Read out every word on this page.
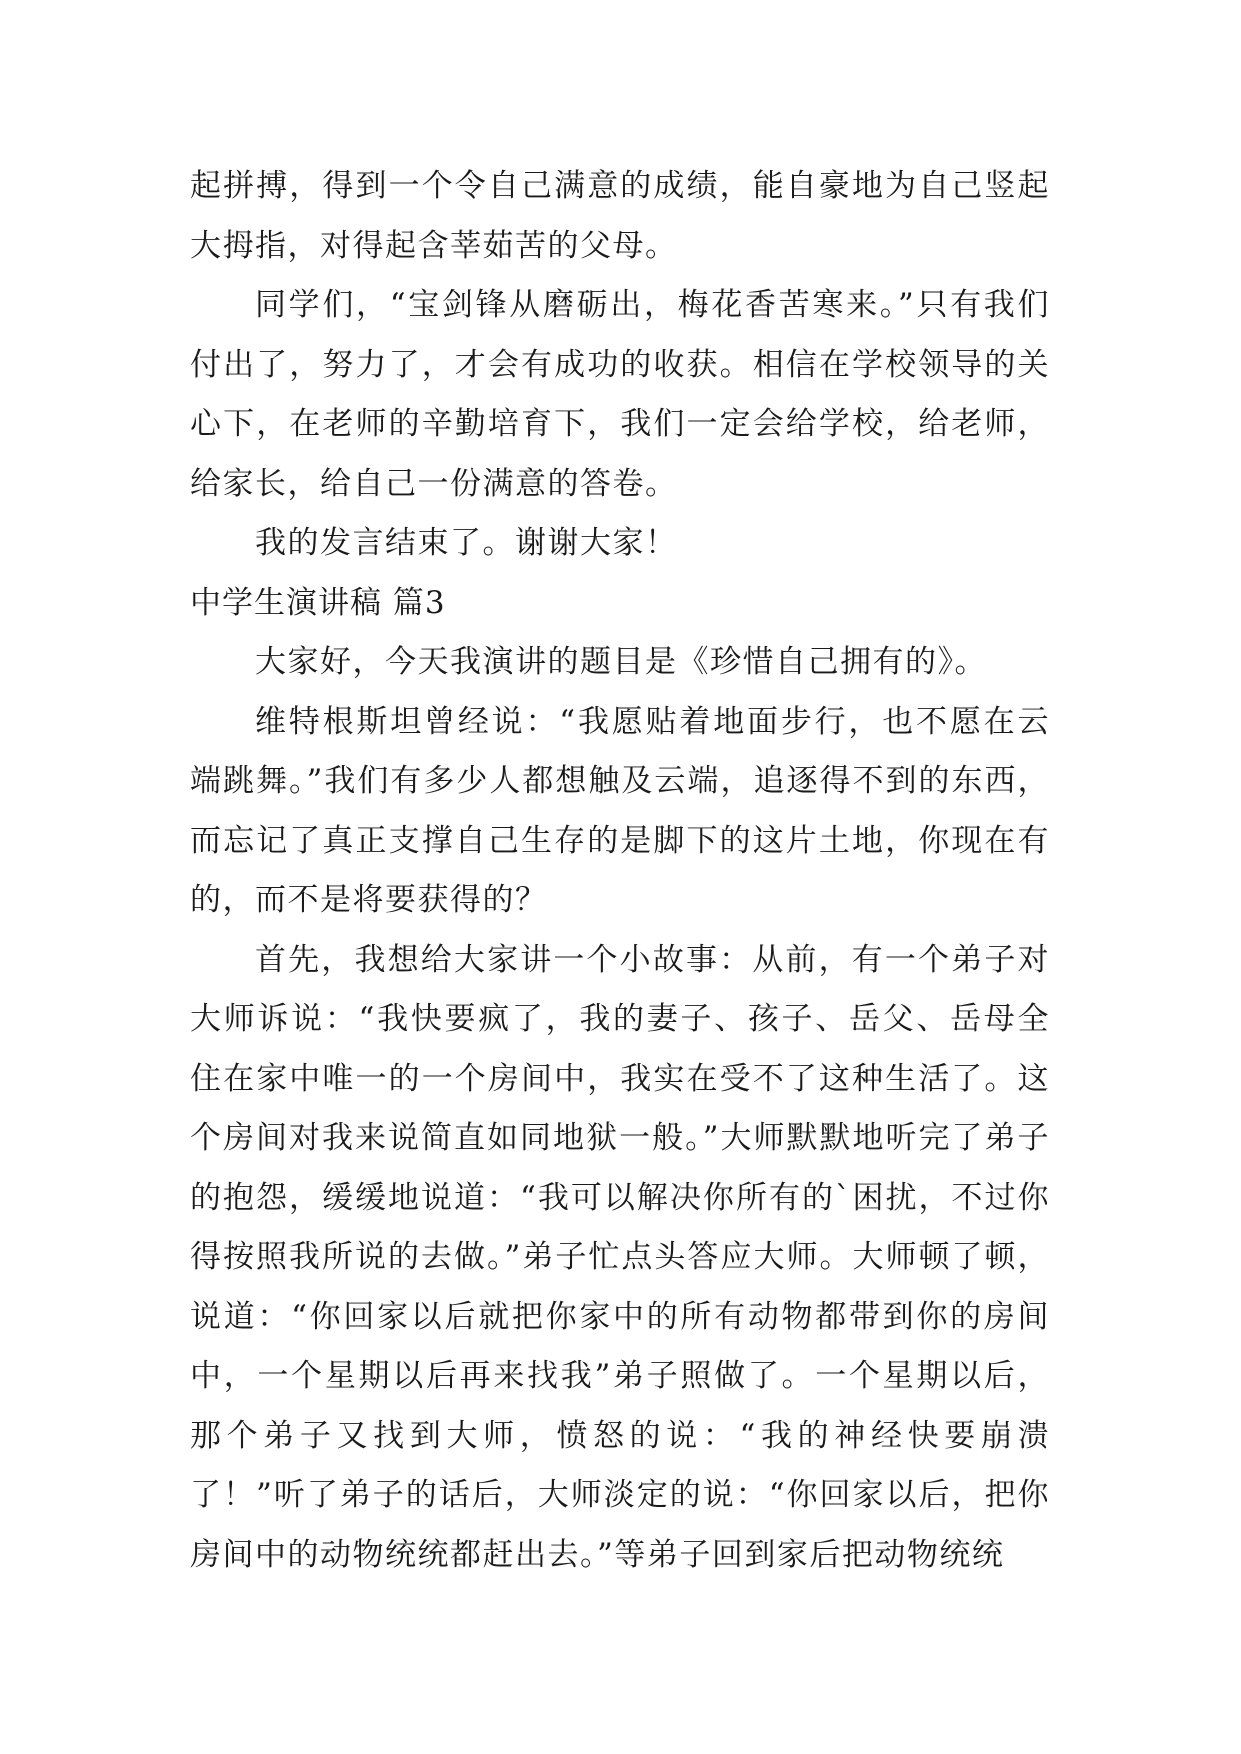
起拼搏，得到一个令自己满意的成绩，能自豪地为自己竖起大拇指，对得起含莘茹苦的父母。

同学们，“宝剑锋从磨砺出，梅花香苦寒来。”只有我们付出了，努力了，才会有成功的收获。相信在学校领导的关心下，在老师的辛勤培育下，我们一定会给学校，给老师，给家长，给自己一份满意的答卷。

我的发言结束了。谢谢大家！

中学生演讲稿 篇3

大家好，今天我演讲的题目是《珍惜自己拥有的》。

维特根斯坦曾经说：“我愿贴着地面步行，也不愿在云端跳舞。”我们有多少人都想触及云端，追逐得不到的东西，而忘记了真正支撑自己生存的是脚下的这片土地，你现在有的，而不是将要获得的？

首先，我想给大家讲一个小故事：从前，有一个弟子对大师诉说：“我快要疯了，我的妻子、孩子、岳父、岳母全住在家中唯一的一个房间中，我实在受不了这种生活了。这个房间对我来说简直如同地狱一般。”大师默默地听完了弟子的抱怨，缓缓地说道：“我可以解决你所有的`困扰，不过你得按照我所说的去做。”弟子忙点头答应大师。大师顿了顿，说道：“你回家以后就把你家中的所有动物都带到你的房间中，一个星期以后再来找我”弟子照做了。一个星期以后，那个弟子又找到大师，愤怒的说：“我的神经快要崩溃了！”听了弟子的话后，大师淡定的说：“你回家以后，把你房间中的动物统统都赶出去。”等弟子回到家后把动物统统
